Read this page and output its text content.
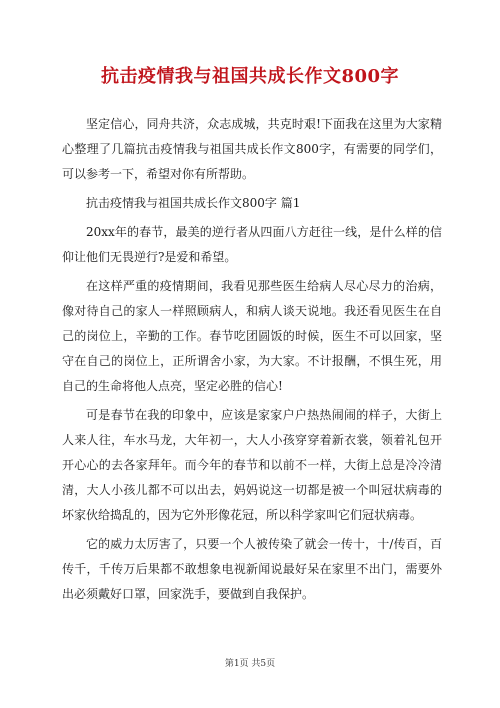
抗击疫情我与祖国共成长作文800字

坚定信心，同舟共济，众志成城，共克时艰!下面我在这里为大家精心整理了几篇抗击疫情我与祖国共成长作文800字，有需要的同学们，可以参考一下，希望对你有所帮助。

抗击疫情我与祖国共成长作文800字 篇1

20xx年的春节，最美的逆行者从四面八方赶往一线，是什么样的信仰让他们无畏逆行?是爱和希望。

在这样严重的疫情期间，我看见那些医生给病人尽心尽力的治病，像对待自己的家人一样照顾病人，和病人谈天说地。我还看见医生在自己的岗位上，辛勤的工作。春节吃团圆饭的时候，医生不可以回家，坚守在自己的岗位上，正所谓舍小家，为大家。不计报酬，不惧生死，用自己的生命将他人点亮，坚定必胜的信心!

可是春节在我的印象中，应该是家家户户热热闹闹的样子，大街上人来人往，车水马龙，大年初一，大人小孩穿穿着新衣裳，领着礼包开开心心的去各家拜年。而今年的春节和以前不一样，大街上总是冷冷清清，大人小孩儿都不可以出去，妈妈说这一切都是被一个叫冠状病毒的坏家伙给捣乱的，因为它外形像花冠，所以科学家叫它们冠状病毒。

它的威力太厉害了，只要一个人被传染了就会一传十，十/传百，百传千，千传万后果都不敢想象电视新闻说最好呆在家里不出门，需要外出必须戴好口罩，回家洗手，要做到自我保护。

第1页 共5页
